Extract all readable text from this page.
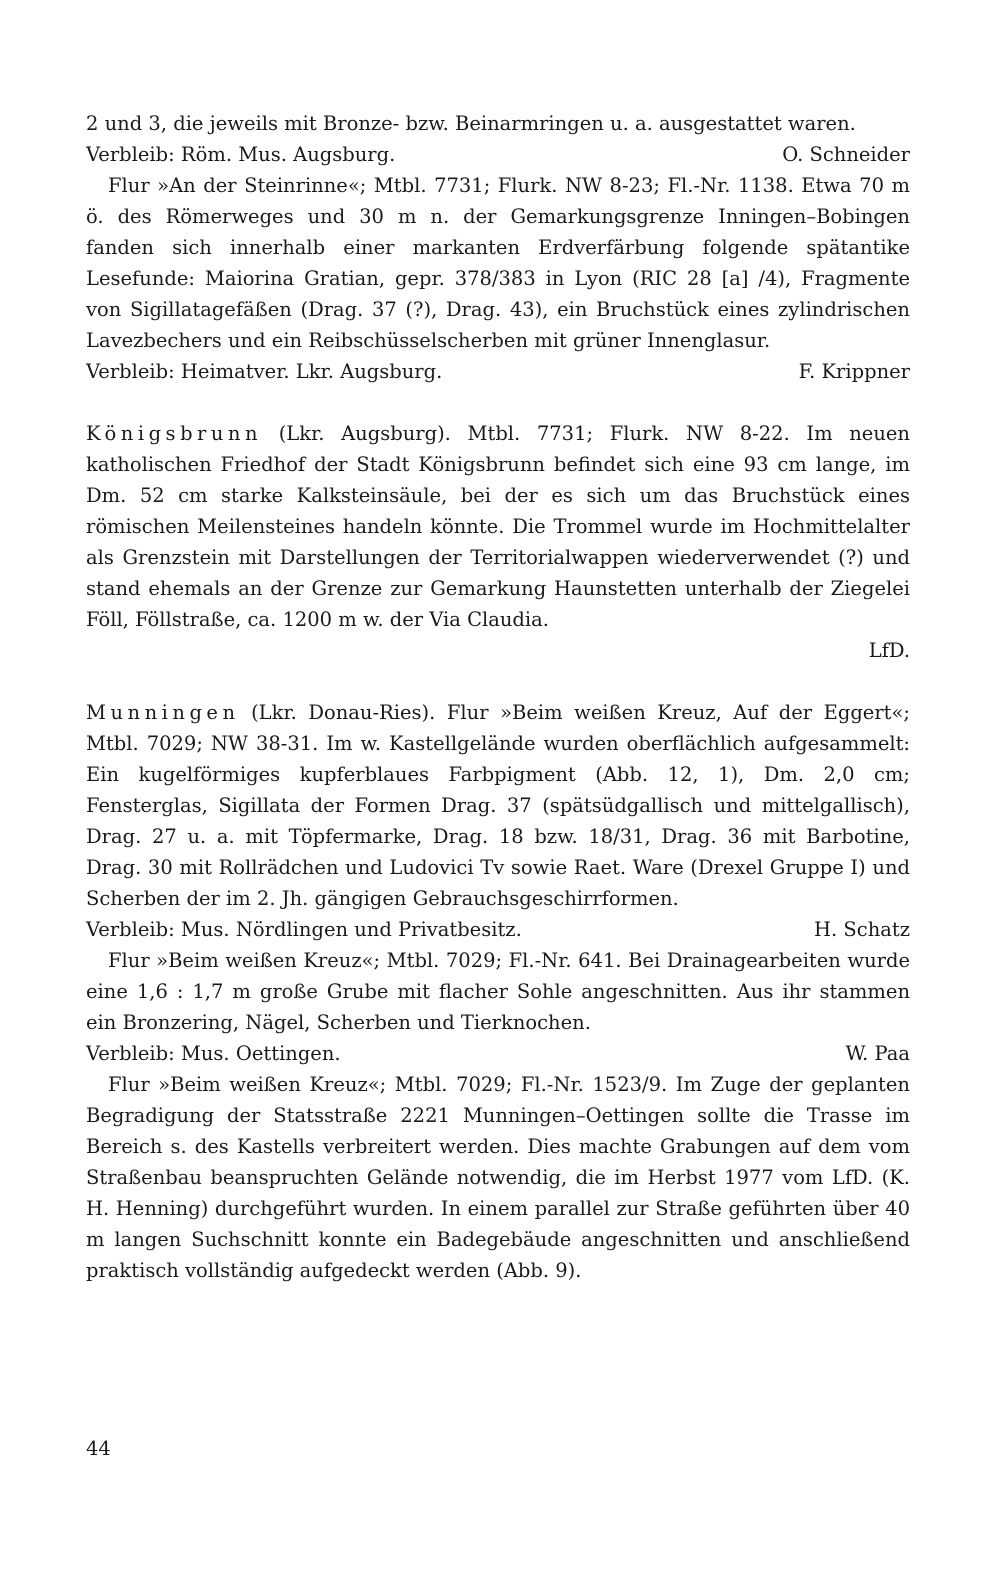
2 und 3, die jeweils mit Bronze- bzw. Beinarmringen u. a. ausgestattet waren.

Verbleib: Röm. Mus. Augsburg.	O. Schneider

Flur »An der Steinrinne«; Mtbl. 7731; Flurk. NW 8-23; Fl.-Nr. 1138. Etwa 70 m ö. des Römerweges und 30 m n. der Gemarkungsgrenze Inningen–Bobingen fanden sich innerhalb einer markanten Erdverfärbung folgende spätantike Lesefunde: Maiorina Gratian, gepr. 378/383 in Lyon (RIC 28 [a] /4), Fragmente von Sigillatagefäßen (Drag. 37 (?), Drag. 43), ein Bruchstück eines zylindrischen Lavezbechers und ein Reibschüsselscherben mit grüner Innenglasur.

Verbleib: Heimatver. Lkr. Augsburg.	F. Krippner

Königsbrunn (Lkr. Augsburg). Mtbl. 7731; Flurk. NW 8-22. Im neuen katholischen Friedhof der Stadt Königsbrunn befindet sich eine 93 cm lange, im Dm. 52 cm starke Kalksteinsäule, bei der es sich um das Bruchstück eines römischen Meilensteines handeln könnte. Die Trommel wurde im Hochmittelalter als Grenzstein mit Darstellungen der Territorialwappen wiederverwendet (?) und stand ehemals an der Grenze zur Gemarkung Haunstetten unterhalb der Ziegelei Föll, Föllstraße, ca. 1200 m w. der Via Claudia.

LfD.

Munningen (Lkr. Donau-Ries). Flur »Beim weißen Kreuz, Auf der Eggert«; Mtbl. 7029; NW 38-31. Im w. Kastellgelände wurden oberflächlich aufgesammelt: Ein kugelförmiges kupferblaues Farbpigment (Abb. 12, 1), Dm. 2,0 cm; Fensterglas, Sigillata der Formen Drag. 37 (spätsüdgallisch und mittelgallisch), Drag. 27 u. a. mit Töpfermarke, Drag. 18 bzw. 18/31, Drag. 36 mit Barbotine, Drag. 30 mit Rollrädchen und Ludovici Tv sowie Raet. Ware (Drexel Gruppe I) und Scherben der im 2. Jh. gängigen Gebrauchsgeschirrformen.

Verbleib: Mus. Nördlingen und Privatbesitz.	H. Schatz

Flur »Beim weißen Kreuz«; Mtbl. 7029; Fl.-Nr. 641. Bei Drainagearbeiten wurde eine 1,6 : 1,7 m große Grube mit flacher Sohle angeschnitten. Aus ihr stammen ein Bronzering, Nägel, Scherben und Tierknochen.

Verbleib: Mus. Oettingen.	W. Paa

Flur »Beim weißen Kreuz«; Mtbl. 7029; Fl.-Nr. 1523/9. Im Zuge der geplanten Begradigung der Statsstraße 2221 Munningen–Oettingen sollte die Trasse im Bereich s. des Kastells verbreitert werden. Dies machte Grabungen auf dem vom Straßenbau beanspruchten Gelände notwendig, die im Herbst 1977 vom LfD. (K. H. Henning) durchgeführt wurden. In einem parallel zur Straße geführten über 40 m langen Suchschnitt konnte ein Badegebäude angeschnitten und anschließend praktisch vollständig aufgedeckt werden (Abb. 9).

44
